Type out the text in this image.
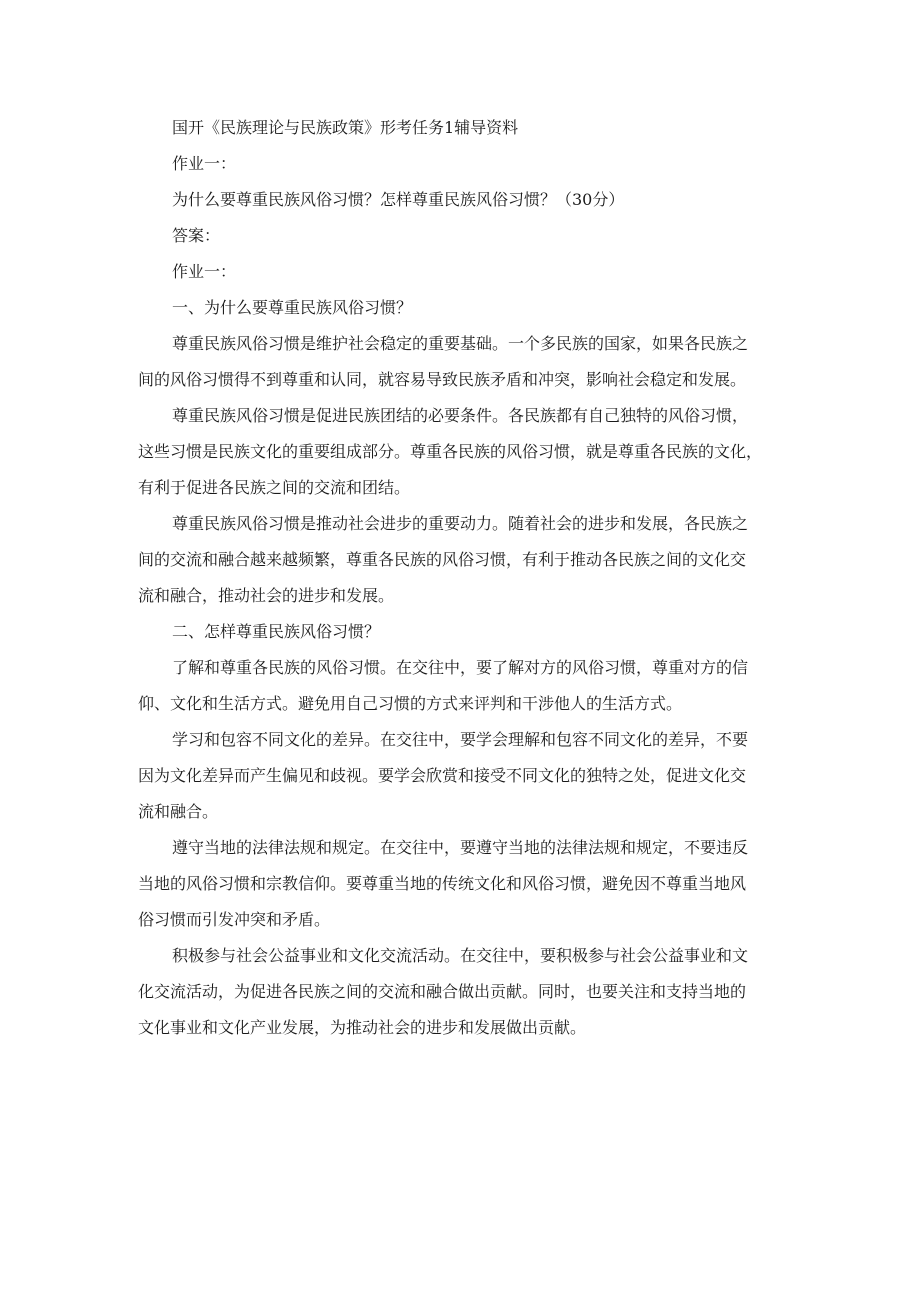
国开《民族理论与民族政策》形考任务1辅导资料

作业一：

为什么要尊重民族风俗习惯？怎样尊重民族风俗习惯？（30分）

答案：

作业一：

一、为什么要尊重民族风俗习惯？

尊重民族风俗习惯是维护社会稳定的重要基础。一个多民族的国家，如果各民族之
间的风俗习惯得不到尊重和认同，就容易导致民族矛盾和冲突，影响社会稳定和发展。

尊重民族风俗习惯是促进民族团结的必要条件。各民族都有自己独特的风俗习惯，
这些习惯是民族文化的重要组成部分。尊重各民族的风俗习惯，就是尊重各民族的文化，
有利于促进各民族之间的交流和团结。

尊重民族风俗习惯是推动社会进步的重要动力。随着社会的进步和发展，各民族之
间的交流和融合越来越频繁，尊重各民族的风俗习惯，有利于推动各民族之间的文化交
流和融合，推动社会的进步和发展。

二、怎样尊重民族风俗习惯？

了解和尊重各民族的风俗习惯。在交往中，要了解对方的风俗习惯，尊重对方的信
仰、文化和生活方式。避免用自己习惯的方式来评判和干涉他人的生活方式。

学习和包容不同文化的差异。在交往中，要学会理解和包容不同文化的差异，不要
因为文化差异而产生偏见和歧视。要学会欣赏和接受不同文化的独特之处，促进文化交
流和融合。

遵守当地的法律法规和规定。在交往中，要遵守当地的法律法规和规定，不要违反
当地的风俗习惯和宗教信仰。要尊重当地的传统文化和风俗习惯，避免因不尊重当地风
俗习惯而引发冲突和矛盾。

积极参与社会公益事业和文化交流活动。在交往中，要积极参与社会公益事业和文
化交流活动，为促进各民族之间的交流和融合做出贡献。同时，也要关注和支持当地的
文化事业和文化产业发展，为推动社会的进步和发展做出贡献。
